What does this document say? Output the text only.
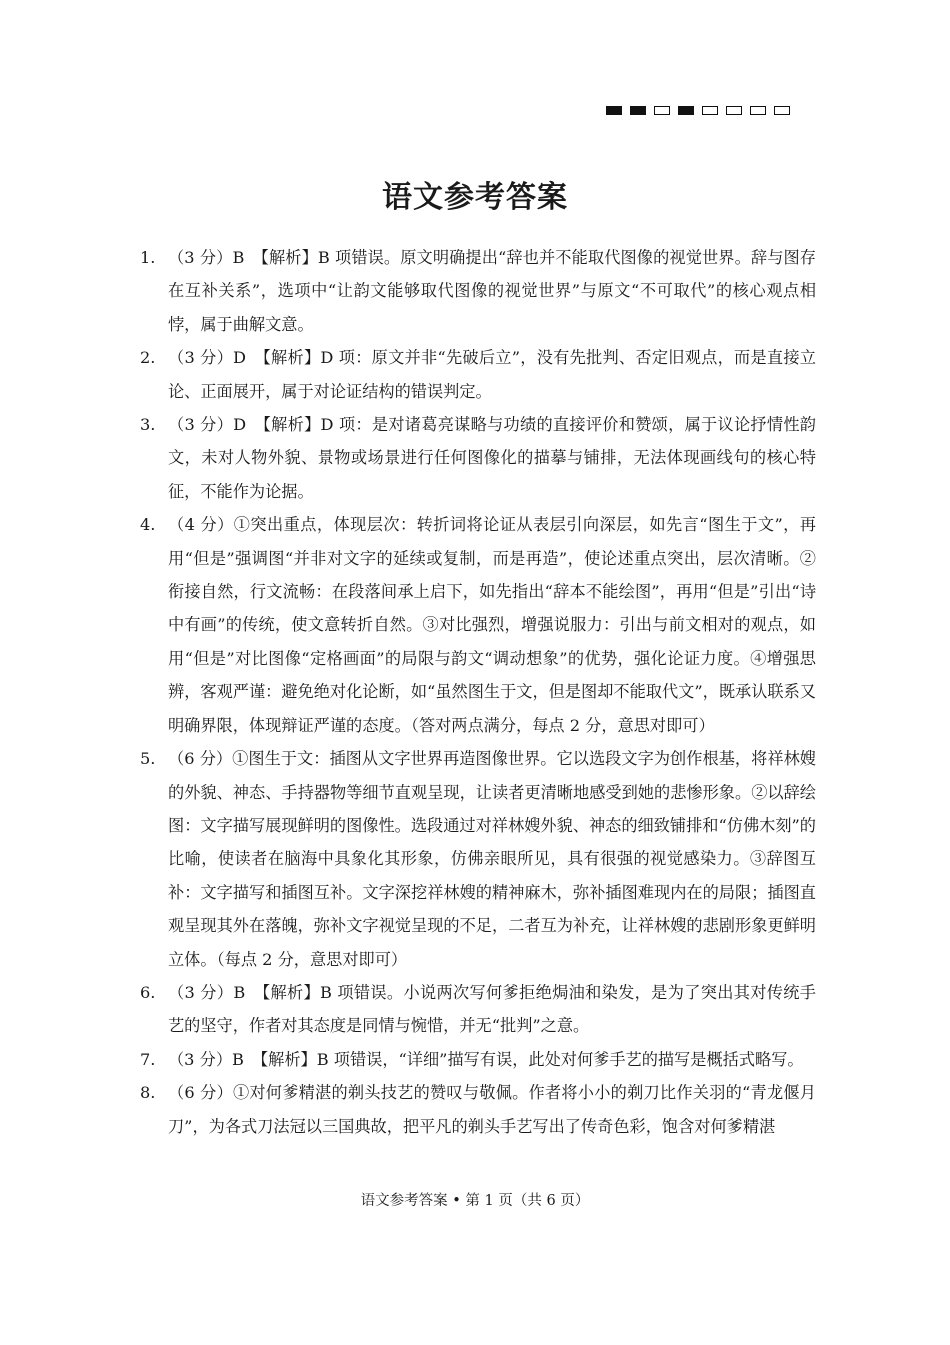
语文参考答案
1. （3 分）B　【解析】B 项错误。原文明确提出“辞也并不能取代图像的视觉世界。辞与图存在互补关系”，选项中“让韵文能够取代图像的视觉世界”与原文“不可取代”的核心观点相悖，属于曲解文意。
2. （3 分）D　【解析】D 项：原文并非“先破后立”，没有先批判、否定旧观点，而是直接立论、正面展开，属于对论证结构的错误判定。
3. （3 分）D　【解析】D 项：是对诸葛亮谋略与功绩的直接评价和赞颂，属于议论抒情性韵文，未对人物外貌、景物或场景进行任何图像化的描摹与铺排，无法体现画线句的核心特征，不能作为论据。
4. （4 分）①突出重点，体现层次：转折词将论证从表层引向深层，如先言“图生于文”，再用“但是”强调图“并非对文字的延续或复制，而是再造”，使论述重点突出，层次清晰。②衔接自然，行文流畅：在段落间承上启下，如先指出“辞本不能绘图”，再用“但是”引出“诗中有画”的传统，使文意转折自然。③对比强烈，增强说服力：引出与前文相对的观点，如用“但是”对比图像“定格画面”的局限与韵文“调动想象”的优势，强化论证力度。④增强思辨，客观严谨：避免绝对化论断，如“虽然图生于文，但是图却不能取代文”，既承认联系又明确界限，体现辩证严谨的态度。（答对两点满分，每点 2 分，意思对即可）
5. （6 分）①图生于文：插图从文字世界再造图像世界。它以选段文字为创作根基，将祥林嫂的外貌、神态、手持器物等细节直观呈现，让读者更清晰地感受到她的悲惨形象。②以辞绘图：文字描写展现鲜明的图像性。选段通过对祥林嫂外貌、神态的细致铺排和“仿佛木刻”的比喻，使读者在脑海中具象化其形象，仿佛亲眼所见，具有很强的视觉感染力。③辞图互补：文字描写和插图互补。文字深挖祥林嫂的精神麻木，弥补插图难现内在的局限；插图直观呈现其外在落魄，弥补文字视觉呈现的不足，二者互为补充，让祥林嫂的悲剧形象更鲜明立体。（每点 2 分，意思对即可）
6. （3 分）B　【解析】B 项错误。小说两次写何爹拒绝焗油和染发，是为了突出其对传统手艺的坚守，作者对其态度是同情与惋惜，并无“批判”之意。
7. （3 分）B　【解析】B 项错误，“详细”描写有误，此处对何爹手艺的描写是概括式略写。
8. （6 分）①对何爹精湛的剃头技艺的赞叹与敬佩。作者将小小的剃刀比作关羽的“青龙偃月刀”，为各式刀法冠以三国典故，把平凡的剃头手艺写出了传奇色彩，饱含对何爹精湛
语文参考答案 • 第 1 页（共 6 页）
